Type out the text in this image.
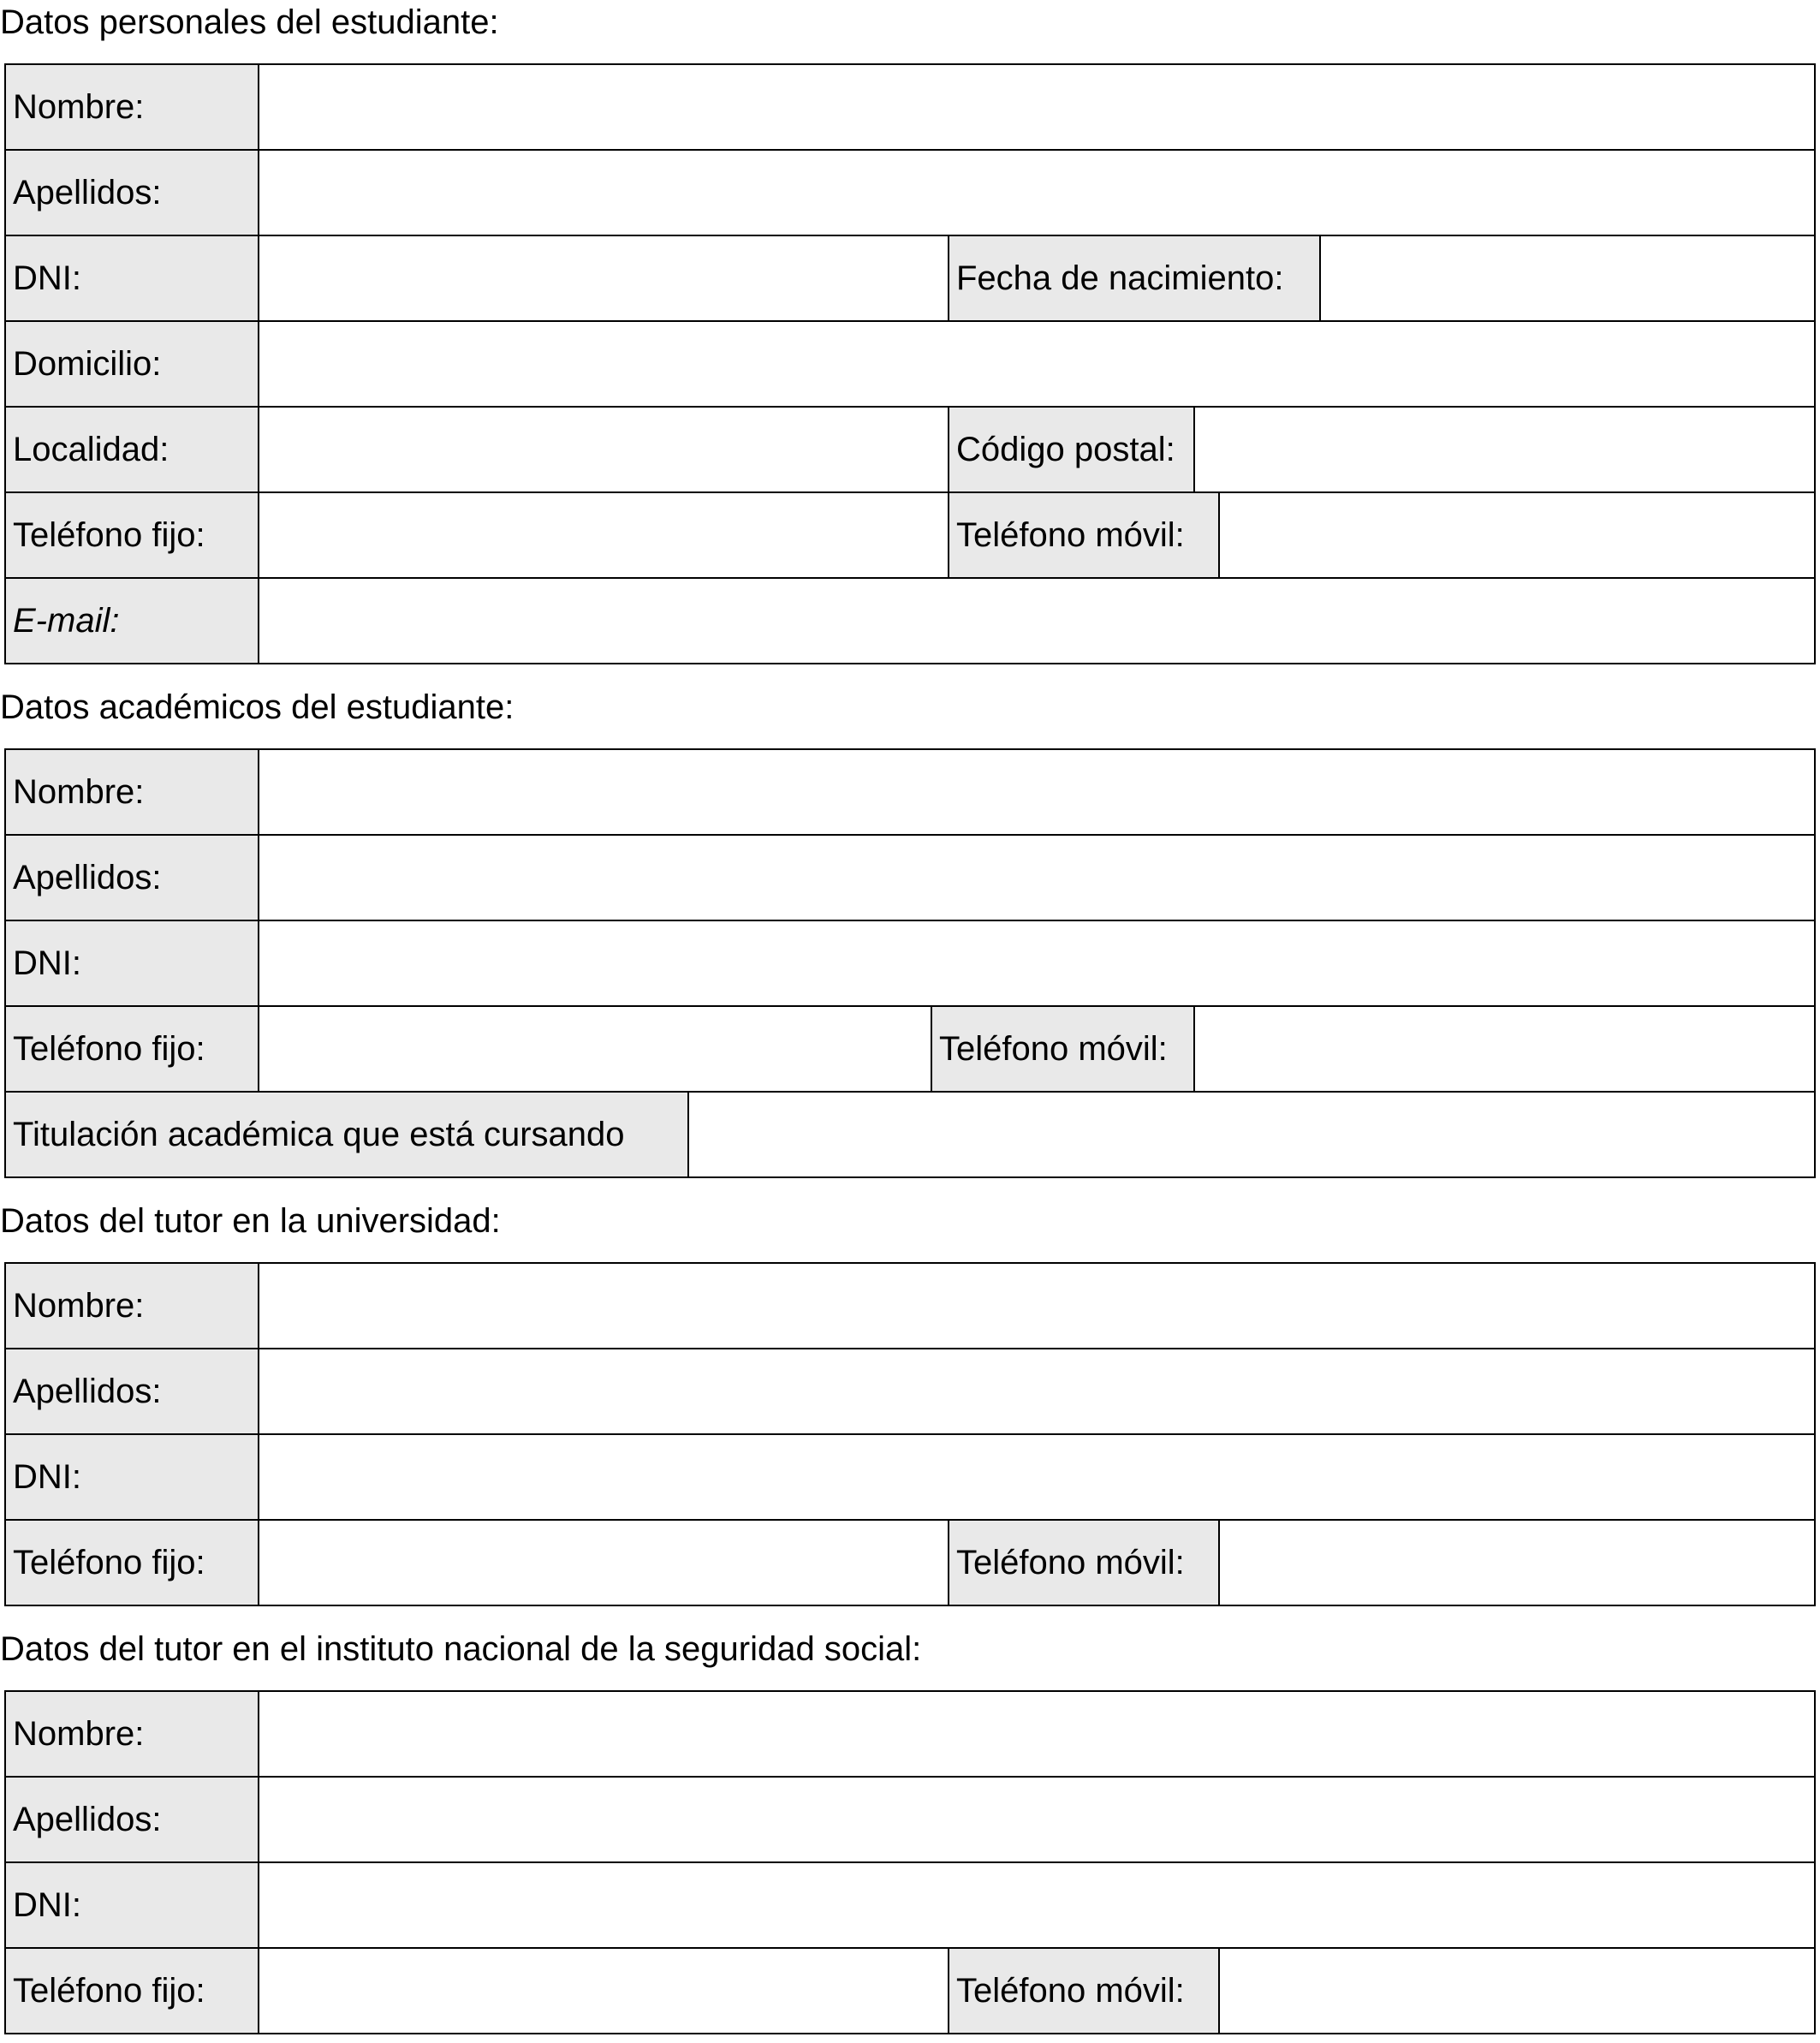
Datos personales del estudiante:
Nombre:
Apellidos:
DNI:	Fecha de nacimiento:
Domicilio:
Localidad:	Código postal:
Teléfono fijo:	Teléfono móvil:
E-mail:
Datos académicos del estudiante:
Nombre:
Apellidos:
DNI:
Teléfono fijo:	Teléfono móvil:
Titulación académica que está cursando
Datos del tutor en la universidad:
Nombre:
Apellidos:
DNI:
Teléfono fijo:	Teléfono móvil:
Datos del tutor en el instituto nacional de la seguridad social:
Nombre:
Apellidos:
DNI:
Teléfono fijo:	Teléfono móvil:
